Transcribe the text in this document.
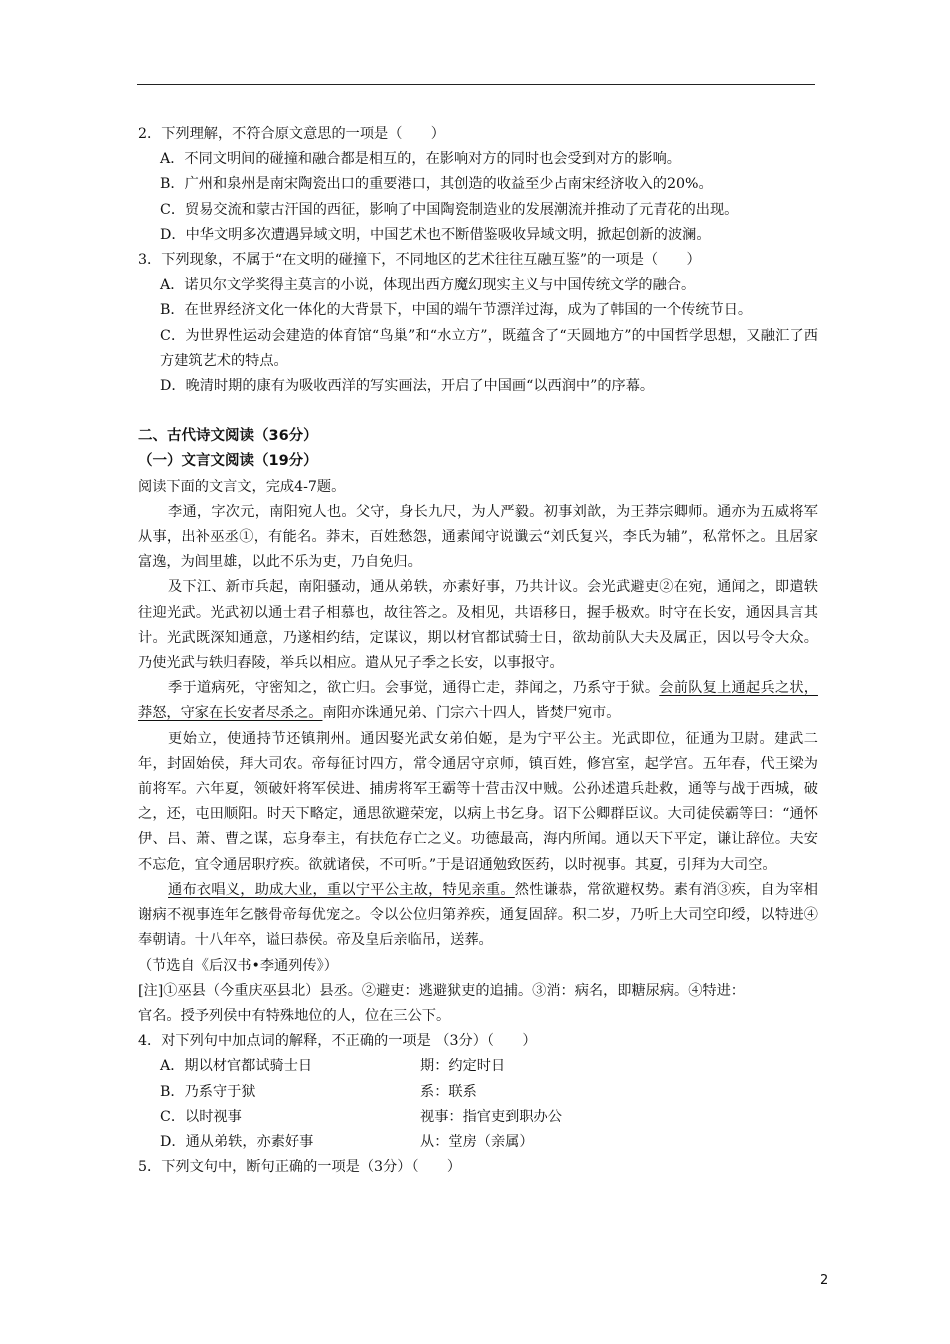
2．下列理解，不符合原文意思的一项是（　　）

A．不同文明间的碰撞和融合都是相互的，在影响对方的同时也会受到对方的影响。

B．广州和泉州是南宋陶瓷出口的重要港口，其创造的收益至少占南宋经济收入的20%。

C．贸易交流和蒙古汗国的西征，影响了中国陶瓷制造业的发展潮流并推动了元青花的出现。

D．中华文明多次遭遇异域文明，中国艺术也不断借鉴吸收异域文明，掀起创新的波澜。

3．下列现象，不属于“在文明的碰撞下，不同地区的艺术往往互融互鉴”的一项是（　　）

A．诺贝尔文学奖得主莫言的小说，体现出西方魔幻现实主义与中国传统文学的融合。

B．在世界经济文化一体化的大背景下，中国的端午节漂洋过海，成为了韩国的一个传统节日。

C．为世界性运动会建造的体育馆“鸟巢”和“水立方”，既蕴含了“天圆地方”的中国哲学思想，又融汇了西方建筑艺术的特点。

D．晚清时期的康有为吸收西洋的写实画法，开启了中国画“以西润中”的序幕。

二、古代诗文阅读（36分）

（一）文言文阅读（19分）

阅读下面的文言文，完成4-7题。

李通，字次元，南阳宛人也。父守，身长九尺，为人严毅。初事刘歆，为王莽宗卿师。通亦为五威将军从事，出补巫丞①，有能名。莽末，百姓愁怨，通素闻守说谶云“刘氏复兴，李氏为辅”，私常怀之。且居家富逸，为闾里雄，以此不乐为吏，乃自免归。

及下江、新市兵起，南阳骚动，通从弟轶，亦素好事，乃共计议。会光武避吏②在宛，通闻之，即遣轶往迎光武。光武初以通士君子相慕也，故往答之。及相见，共语移日，握手极欢。时守在长安，通因具言其计。光武既深知通意，乃遂相约结，定谋议，期以材官都试骑士日，欲劫前队大夫及属正，因以号令大众。乃使光武与轶归舂陵，举兵以相应。遣从兄子季之长安，以事报守。

季于道病死，守密知之，欲亡归。会事觉，通得亡走，莽闻之，乃系守于狱。会前队复上通起兵之状，莽怒，守家在长安者尽杀之。南阳亦诛通兄弟、门宗六十四人，皆焚尸宛市。

更始立，使通持节还镇荆州。通因娶光武女弟伯姬，是为宁平公主。光武即位，征通为卫尉。建武二年，封固始侯，拜大司农。帝每征讨四方，常令通居守京师，镇百姓，修宫室，起学宫。五年春，代王梁为前将军。六年夏，领破奸将军侯进、捕虏将军王霸等十营击汉中贼。公孙述遣兵赴救，通等与战于西城，破之，还，屯田顺阳。时天下略定，通思欲避荣宠，以病上书乞身。诏下公卿群臣议。大司徒侯霸等曰：“通怀伊、吕、萧、曹之谋，忘身奉主，有扶危存亡之义。功德最高，海内所闻。通以天下平定，谦让辞位。夫安不忘危，宜令通居职疗疾。欲就诸侯，不可听。”于是诏通勉致医药，以时视事。其夏，引拜为大司空。

通布衣唱义，助成大业，重以宁平公主故，特见亲重。然性谦恭，常欲避权势。素有消③疾，自为宰相谢病不视事连年乞骸骨帝每优宠之。令以公位归第养疾，通复固辞。积二岁，乃听上大司空印绶，以特进④奉朝请。十八年卒，谥曰恭侯。帝及皇后亲临吊，送葬。

（节选自《后汉书•李通列传》）

[注]①巫县（今重庆巫县北）县丞。②避吏：逃避狱吏的追捕。③消：病名，即糖尿病。④特进：

官名。授予列侯中有特殊地位的人，位在三公下。

4．对下列句中加点词的解释，不正确的一项是 （3分）（　　）

A．期以材官都试骑士日	期：约定时日
B．乃系守于狱	系：联系
C．以时视事	视事：指官吏到职办公
D．通从弟轶，亦素好事	从：堂房（亲属）

5．下列文句中，断句正确的一项是（3分）（　　）

2
